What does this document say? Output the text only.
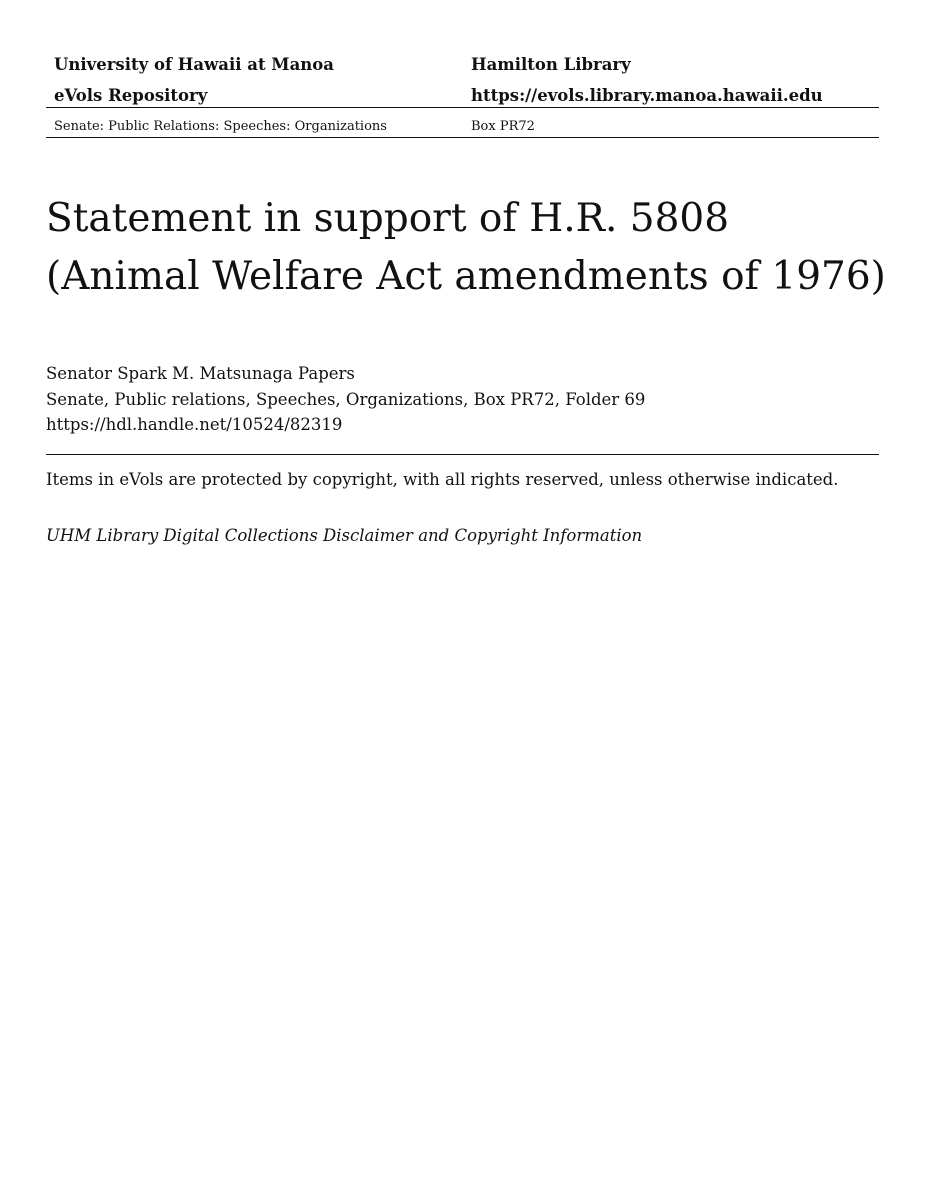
University of Hawaii at Manoa	Hamilton Library
eVols Repository	https://evols.library.manoa.hawaii.edu
Senate: Public Relations: Speeches: Organizations	Box PR72
Statement in support of H.R. 5808
(Animal Welfare Act amendments of 1976)
Senator Spark M. Matsunaga Papers
Senate, Public relations, Speeches, Organizations, Box PR72, Folder 69
https://hdl.handle.net/10524/82319
Items in eVols are protected by copyright, with all rights reserved, unless otherwise indicated.
UHM Library Digital Collections Disclaimer and Copyright Information
